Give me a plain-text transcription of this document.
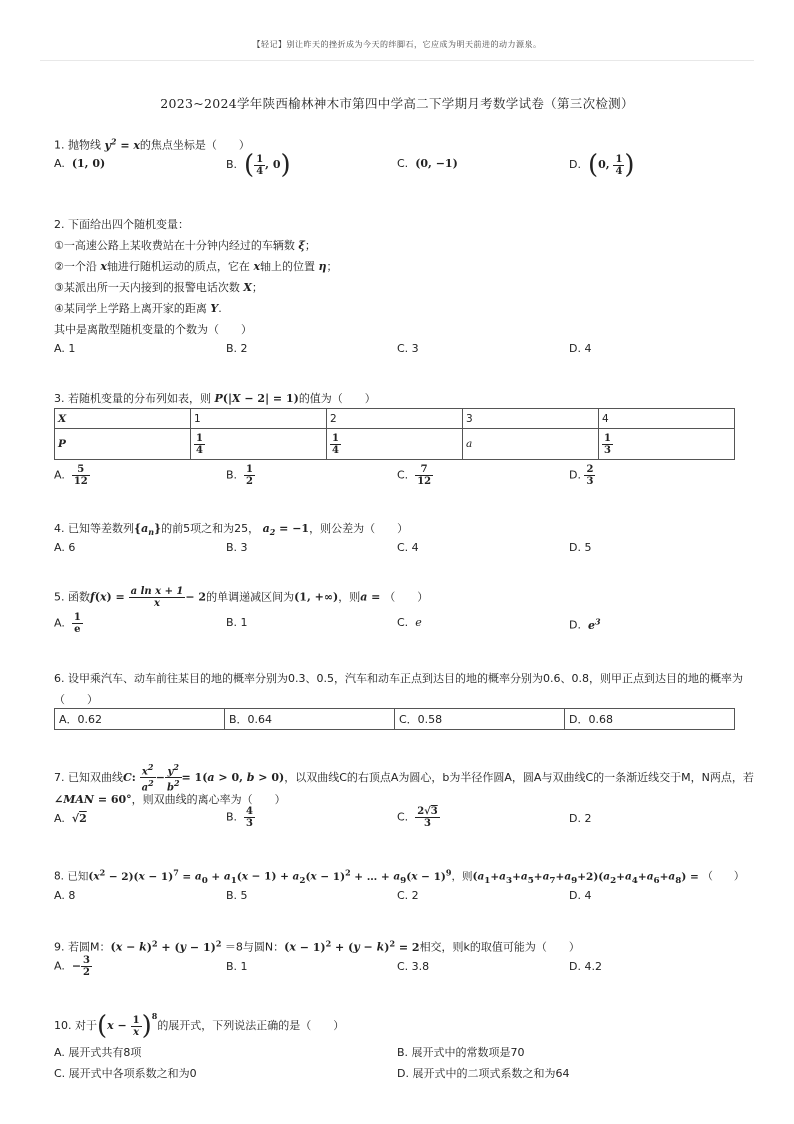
【轻记】别让昨天的挫折成为今天的绊脚石，它应成为明天前进的动力源泉。
2023~2024学年陕西榆林神木市第四中学高二下学期月考数学试卷（第三次检测）
1. 抛物线 $y^2 = x$的焦点坐标是（　　）
A. (1, 0)	B. ( $\frac{1}{4}$ , 0)	C. (0, −1)	D. (0, $\frac{1}{4}$ )
2. 下面给出四个随机变量：
①一高速公路上某收费站在十分钟内经过的车辆数 ξ；
②一个沿 x轴进行随机运动的质点，它在 x轴上的位置 η；
③某派出所一天内接到的报警电话次数 X；
④某同学上学路上离开家的距离 Y.
其中是离散型随机变量的个数为（　　）
A. 1	B. 2	C. 3	D. 4
3. 若随机变量的分布列如表，则 P(|X − 2| = 1)的值为（　　）
X	1	2	3	4
P	$\frac{1}{4}$	$\frac{1}{4}$	a	$\frac{1}{3}$
A. $\frac{5}{12}$	B. $\frac{1}{2}$	C. $\frac{7}{12}$	D. $\frac{2}{3}$
4. 已知等差数列$\{a_n\}$的前5项之和为25， $a_2 = -1$，则公差为（　　）
A. 6	B. 3	C. 4	D. 5
5. 函数$f(x) = \frac{\text{a ln x + 1}}{x} - 2$的单调递减区间为(1, +∞)，则a = （　　）
A. $\frac{1}{e}$	B. 1	C. e	D. $e^3$
6. 设甲乘汽车、动车前往某目的地的概率分别为0.3、0.5，汽车和动车正点到达目的地的概率分别为0.6、0.8，则甲正点到达目的地的概率为
（　　）
A．0.62	B．0.64	C．0.58	D．0.68
7. 已知双曲线C: $\frac{x^2}{a^2} - \frac{y^2}{b^2} = 1(a > 0$, b > 0)，以双曲线C的右顶点A为圆心，b为半径作圆A，圆A与双曲线C的一条渐近线交于M，N两点，若
∠MAN = 60°，则双曲线的离心率为（　　）
A. √2	B. $\frac{4}{3}$	C. $\frac{2√3}{3}$	D. 2
8. 已知$(x^2 - 2)(x - 1)^7 = a_0 + a_1(x - 1) + a_2(x - 1)^2$ + … + $a_9(x - 1)^9$，则$(a_1+a_3+a_5+a_7+a_9+2)(a_2+a_4+a_6+a_8)$ = （　　）
A. 8	B. 5	C. 2	D. 4
9. 若圆M：$(x - k)^2 + (y - 1)^2 =8$与圆N：$(x - 1)^2 + (y - k)^2 = 2$相交，则k的取值可能为（　　）
A. − $\frac{3}{2}$	B. 1	C. 3.8	D. 4.2
10. 对于$(x - \frac{1}{x} )^8$的展开式，下列说法正确的是（　　）
A. 展开式共有8项	B. 展开式中的常数项是70
C. 展开式中各项系数之和为0	D. 展开式中的二项式系数之和为64
